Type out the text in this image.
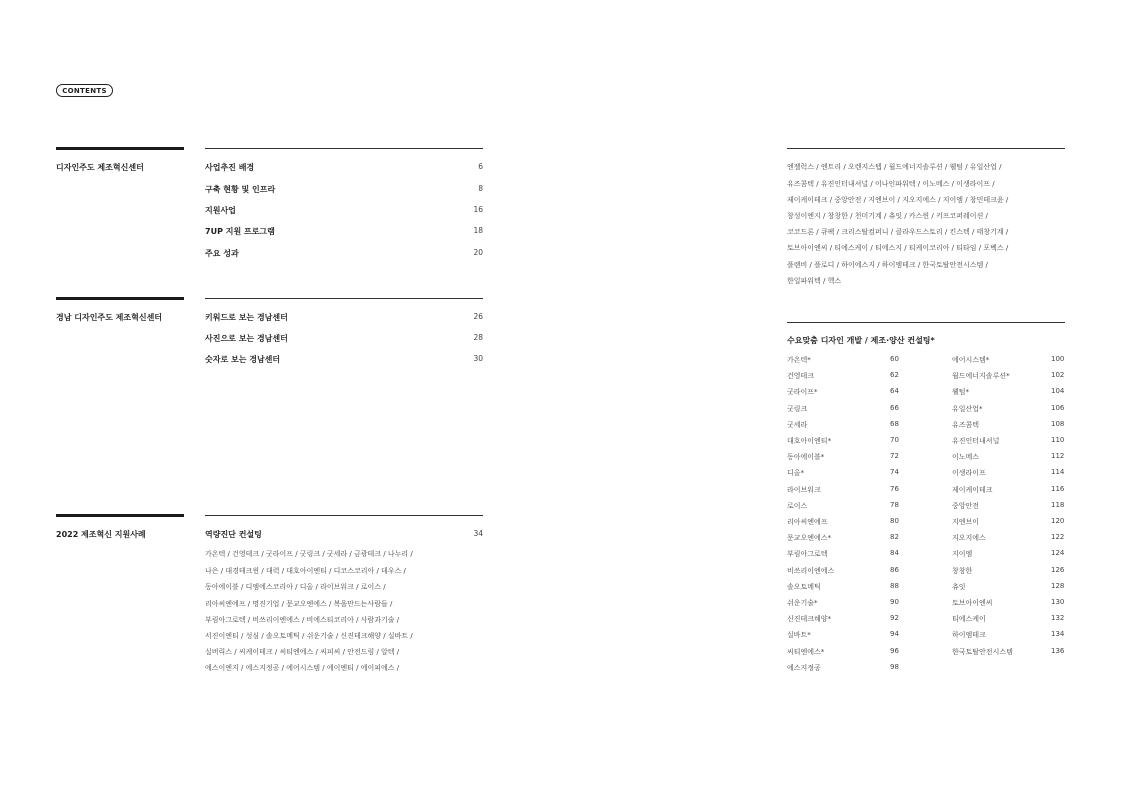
CONTENTS
디자인주도 제조혁신센터	사업추진 배경	6
구축 현황 및 인프라	8
지원사업	16
7UP 지원 프로그램	18
주요 성과	20
경남 디자인주도 제조혁신센터	키워드로 보는 경남센터	26
사진으로 보는 경남센터	28
숫자로 보는 경남센터	30
2022 제조혁신 지원사례	역량진단 컨설팅	34
가온텍 / 건영테크 / 굿라이프 / 굿링크 / 굿세라 / 금광테크 / 나누리 /
나은 / 대경테크윈 / 대력 / 대호아이엔티 / 디코스코리아 / 데우스 /
동아에이블 / 디엠에스코리아 / 디올 / 라이브워크 / 로이스 /
리아씨엔에프 / 명진기업 / 문교오엔에스 / 복을만드는사람들 /
부림아그로텍 / 비쓰리이엔에스 / 비에스티코리아 / 사람과기술 /
서진이엔티 / 성심 / 솔오토메틱 / 쉬운기술 / 신진테크해양 / 실바트 /
실버릭스 / 씨케이테크 / 씨티엔에스 / 씨피씨 / 안전드림 / 알텍 /
에스이엔지 / 에스지정공 / 에어시스템 / 에이엔티 / 에이피에스 /
엔젤럭스 / 엔트리 / 오렌지스텝 / 월드에너지솔루션 / 웰텀 / 유일산업 /
유즈콤텍 / 유진인터내셔널 / 이나인파워텍 / 이노메스 / 이생라이프 /
제이케이테크 / 중앙안전 / 지엔브이 / 지오지에스 / 지이엠 / 창민테크윤 /
창성이엔지 / 창창한 / 천미기계 / 츄잇 / 카스윈 / 키프코퍼레이션 /
코코드론 / 큐팩 / 크리스탈컴퍼니 / 클라우드스토리 / 킨스텍 / 태창기계 /
토브아이엔씨 / 티에스케이 / 티에스지 / 티케이코리아 / 티타임 / 포벡스 /
플랜비 / 플로디 / 하이에스지 / 하이엠테크 / 한국토탈안전시스템 /
한일파워텍 / 헥스
수요맞춤 디자인 개발 / 제조·양산 컨설팅*
가온텍*	60
건영테크	62
굿라이프*	64
굿링크	66
굿세라	68
대호아이엔티*	70
동아에이블*	72
디올*	74
라이브워크	76
로이스	78
리아씨엔에프	80
문교오엔에스*	82
부림아그로텍	84
비쓰리이엔에스	86
솔오토메틱	88
쉬운기술*	90
신진테크해양*	92
실바트*	94
씨티엔에스*	96
에스지정공	98
에어시스템*	100
월드에너지솔루션*	102
웰텀*	104
유일산업*	106
유즈콤텍	108
유진인터내셔널	110
이노메스	112
이생라이프	114
제이케이테크	116
중앙안전	118
지엔브이	120
지오지에스	122
지이엠	124
창창한	126
츄잇	128
토브아이엔씨	130
티에스케이	132
하이엠테크	134
한국토탈안전시스템	136
